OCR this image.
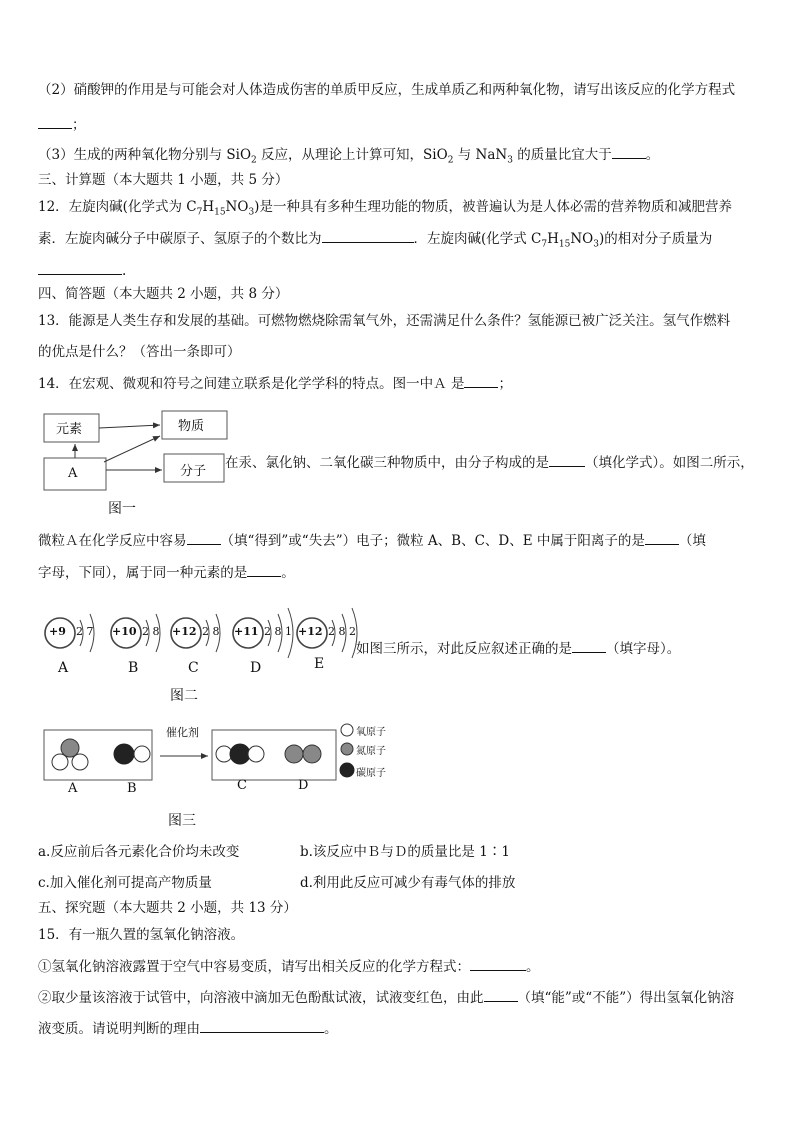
（2）硝酸钾的作用是与可能会对人体造成伤害的单质甲反应，生成单质乙和两种氧化物，请写出该反应的化学方程式
；
（3）生成的两种氧化物分别与 SiO$_2$ 反应，从理论上计算可知，SiO$_2$ 与 NaN$_3$ 的质量比宜大于	。
三、计算题（本大题共 1 小题，共 5 分）
12．左旋肉碱(化学式为 $C_7H_{15}NO_3$)是一种具有多种生理功能的物质，被普遍认为是人体必需的营养物质和减肥营养
素．左旋肉碱分子中碳原子、氢原子的个数比为	．左旋肉碱(化学式 $C_7H_{15}NO_3$)的相对分子质量为
.
四、简答题（本大题共 2 小题，共 8 分）
13．能源是人类生存和发展的基础。可燃物燃烧除需氧气外，还需满足什么条件？氢能源已被广泛关注。氢气作燃料
的优点是什么？（答出一条即可）
14．在宏观、微观和符号之间建立联系是化学学科的特点。图一中Ａ 是	；
元素	物质
A	分子
在汞、氯化钠、二氧化碳三种物质中，由分子构成的是	（填化学式）。如图二所示，
图一
微粒Ａ在化学反应中容易	（填“得到”或“失去”）电子；微粒 A、B、C、D、E 中属于阳离子的是	（填
字母，下同），属于同一种元素的是	。
+9 2 7
A
+10 2 8
B
+12 2 8
C
+11 2 8 1
D
+12 2 8 2
E
如图三所示，对此反应叙述正确的是	（填字母）。
图二
催化剂	氧原子
氮原子
碳原子
A	B	C	D
图三
a.反应前后各元素化合价均未改变	b.该反应中Ｂ与Ｄ的质量比是 1∶1
c.加入催化剂可提高产物质量	d.利用此反应可减少有毒气体的排放
五、探究题（本大题共 2 小题，共 13 分）
15．有一瓶久置的氢氧化钠溶液。
①氢氧化钠溶液露置于空气中容易变质，请写出相关反应的化学方程式：	。
②取少量该溶液于试管中，向溶液中滴加无色酚酞试液，试液变红色，由此	（填“能”或“不能”）得出氢氧化钠溶
液变质。请说明判断的理由	。
